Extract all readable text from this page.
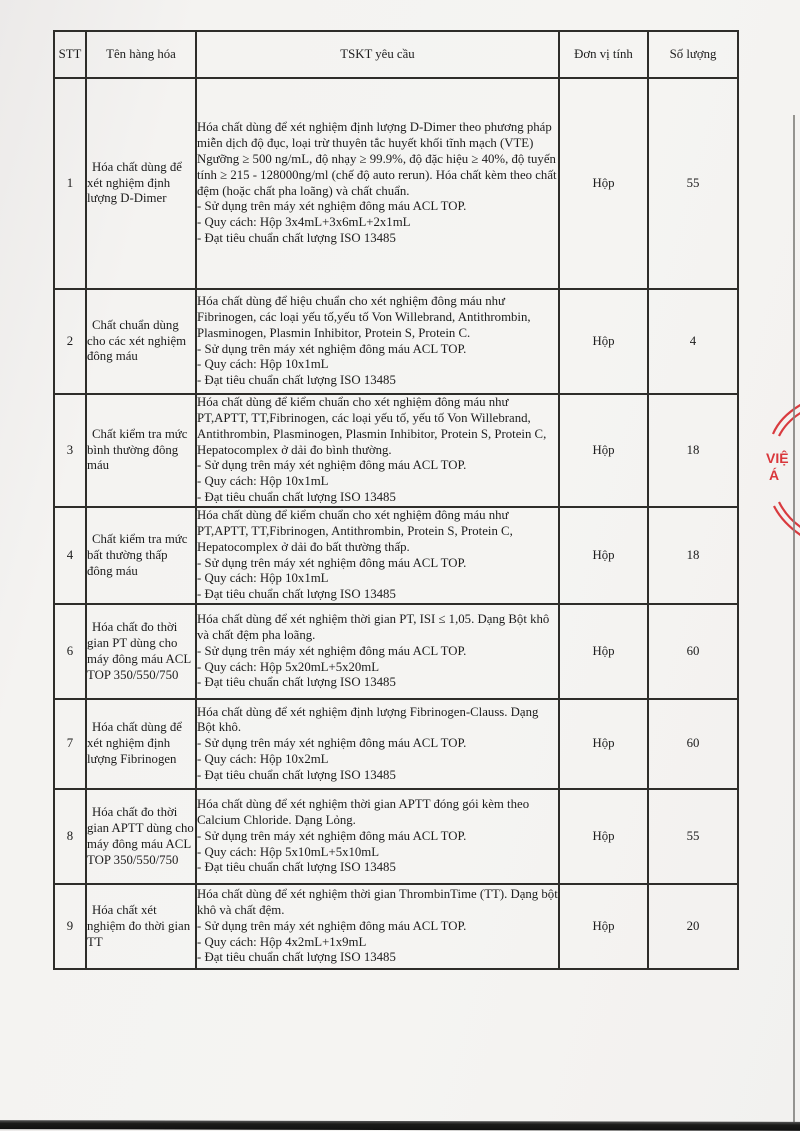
STT	Tên hàng hóa	TSKT yêu cầu	Đơn vị tính	Số lượng
1	Hóa chất dùng để xét nghiệm định lượng D-Dimer	Hóa chất dùng để xét nghiệm định lượng D-Dimer theo phương pháp miễn dịch độ đục, loại trừ thuyên tắc huyết khối tĩnh mạch (VTE) Ngưỡng ≥ 500 ng/mL, độ nhạy ≥ 99.9%, độ đặc hiệu ≥ 40%, độ tuyến tính ≥ 215 - 128000ng/ml (chế độ auto rerun). Hóa chất kèm theo chất đệm (hoặc chất pha loãng) và chất chuẩn.
- Sử dụng trên máy xét nghiệm đông máu ACL TOP.
- Quy cách: Hộp 3x4mL+3x6mL+2x1mL
- Đạt tiêu chuẩn chất lượng ISO 13485	Hộp	55
2	Chất chuẩn dùng cho các xét nghiệm đông máu	Hóa chất dùng để hiệu chuẩn cho xét nghiệm đông máu như Fibrinogen, các loại yếu tố,yếu tố Von Willebrand, Antithrombin, Plasminogen, Plasmin Inhibitor, Protein S, Protein C.
- Sử dụng trên máy xét nghiệm đông máu ACL TOP.
- Quy cách: Hộp 10x1mL
- Đạt tiêu chuẩn chất lượng ISO 13485	Hộp	4
3	Chất kiểm tra mức bình thường đông máu	Hóa chất dùng để kiểm chuẩn cho xét nghiệm đông máu như PT,APTT, TT,Fibrinogen, các loại yếu tố, yếu tố Von Willebrand, Antithrombin, Plasminogen, Plasmin Inhibitor, Protein S, Protein C, Hepatocomplex ở dải đo bình thường.
- Sử dụng trên máy xét nghiệm đông máu ACL TOP.
- Quy cách: Hộp 10x1mL
- Đạt tiêu chuẩn chất lượng ISO 13485	Hộp	18
4	Chất kiểm tra mức bất thường thấp đông máu	Hóa chất dùng để kiểm chuẩn cho xét nghiệm đông máu như PT,APTT, TT,Fibrinogen, Antithrombin, Protein S, Protein C, Hepatocomplex ở dải đo bất thường thấp.
- Sử dụng trên máy xét nghiệm đông máu ACL TOP.
- Quy cách: Hộp 10x1mL
- Đạt tiêu chuẩn chất lượng ISO 13485	Hộp	18
6	Hóa chất đo thời gian PT dùng cho máy đông máu ACL TOP 350/550/750	Hóa chất dùng để xét nghiệm thời gian PT, ISI ≤ 1,05. Dạng Bột khô và chất đệm pha loãng.
- Sử dụng trên máy xét nghiệm đông máu ACL TOP.
- Quy cách: Hộp 5x20mL+5x20mL
- Đạt tiêu chuẩn chất lượng ISO 13485	Hộp	60
7	Hóa chất dùng để xét nghiệm định lượng Fibrinogen	Hóa chất dùng để xét nghiệm định lượng Fibrinogen-Clauss. Dạng Bột khô.
- Sử dụng trên máy xét nghiệm đông máu ACL TOP.
- Quy cách: Hộp 10x2mL
- Đạt tiêu chuẩn chất lượng ISO 13485	Hộp	60
8	Hóa chất đo thời gian APTT dùng cho máy đông máu ACL TOP 350/550/750	Hóa chất dùng để xét nghiệm thời gian APTT đóng gói kèm theo Calcium Chloride. Dạng Lỏng.
- Sử dụng trên máy xét nghiệm đông máu ACL TOP.
- Quy cách: Hộp 5x10mL+5x10mL
- Đạt tiêu chuẩn chất lượng ISO 13485	Hộp	55
9	Hóa chất xét nghiệm đo thời gian TT	Hóa chất dùng để xét nghiệm thời gian ThrombinTime (TT). Dạng bột khô và chất đệm.
- Sử dụng trên máy xét nghiệm đông máu ACL TOP.
- Quy cách: Hộp 4x2mL+1x9mL
- Đạt tiêu chuẩn chất lượng ISO 13485	Hộp	20
VIỆ
Á
